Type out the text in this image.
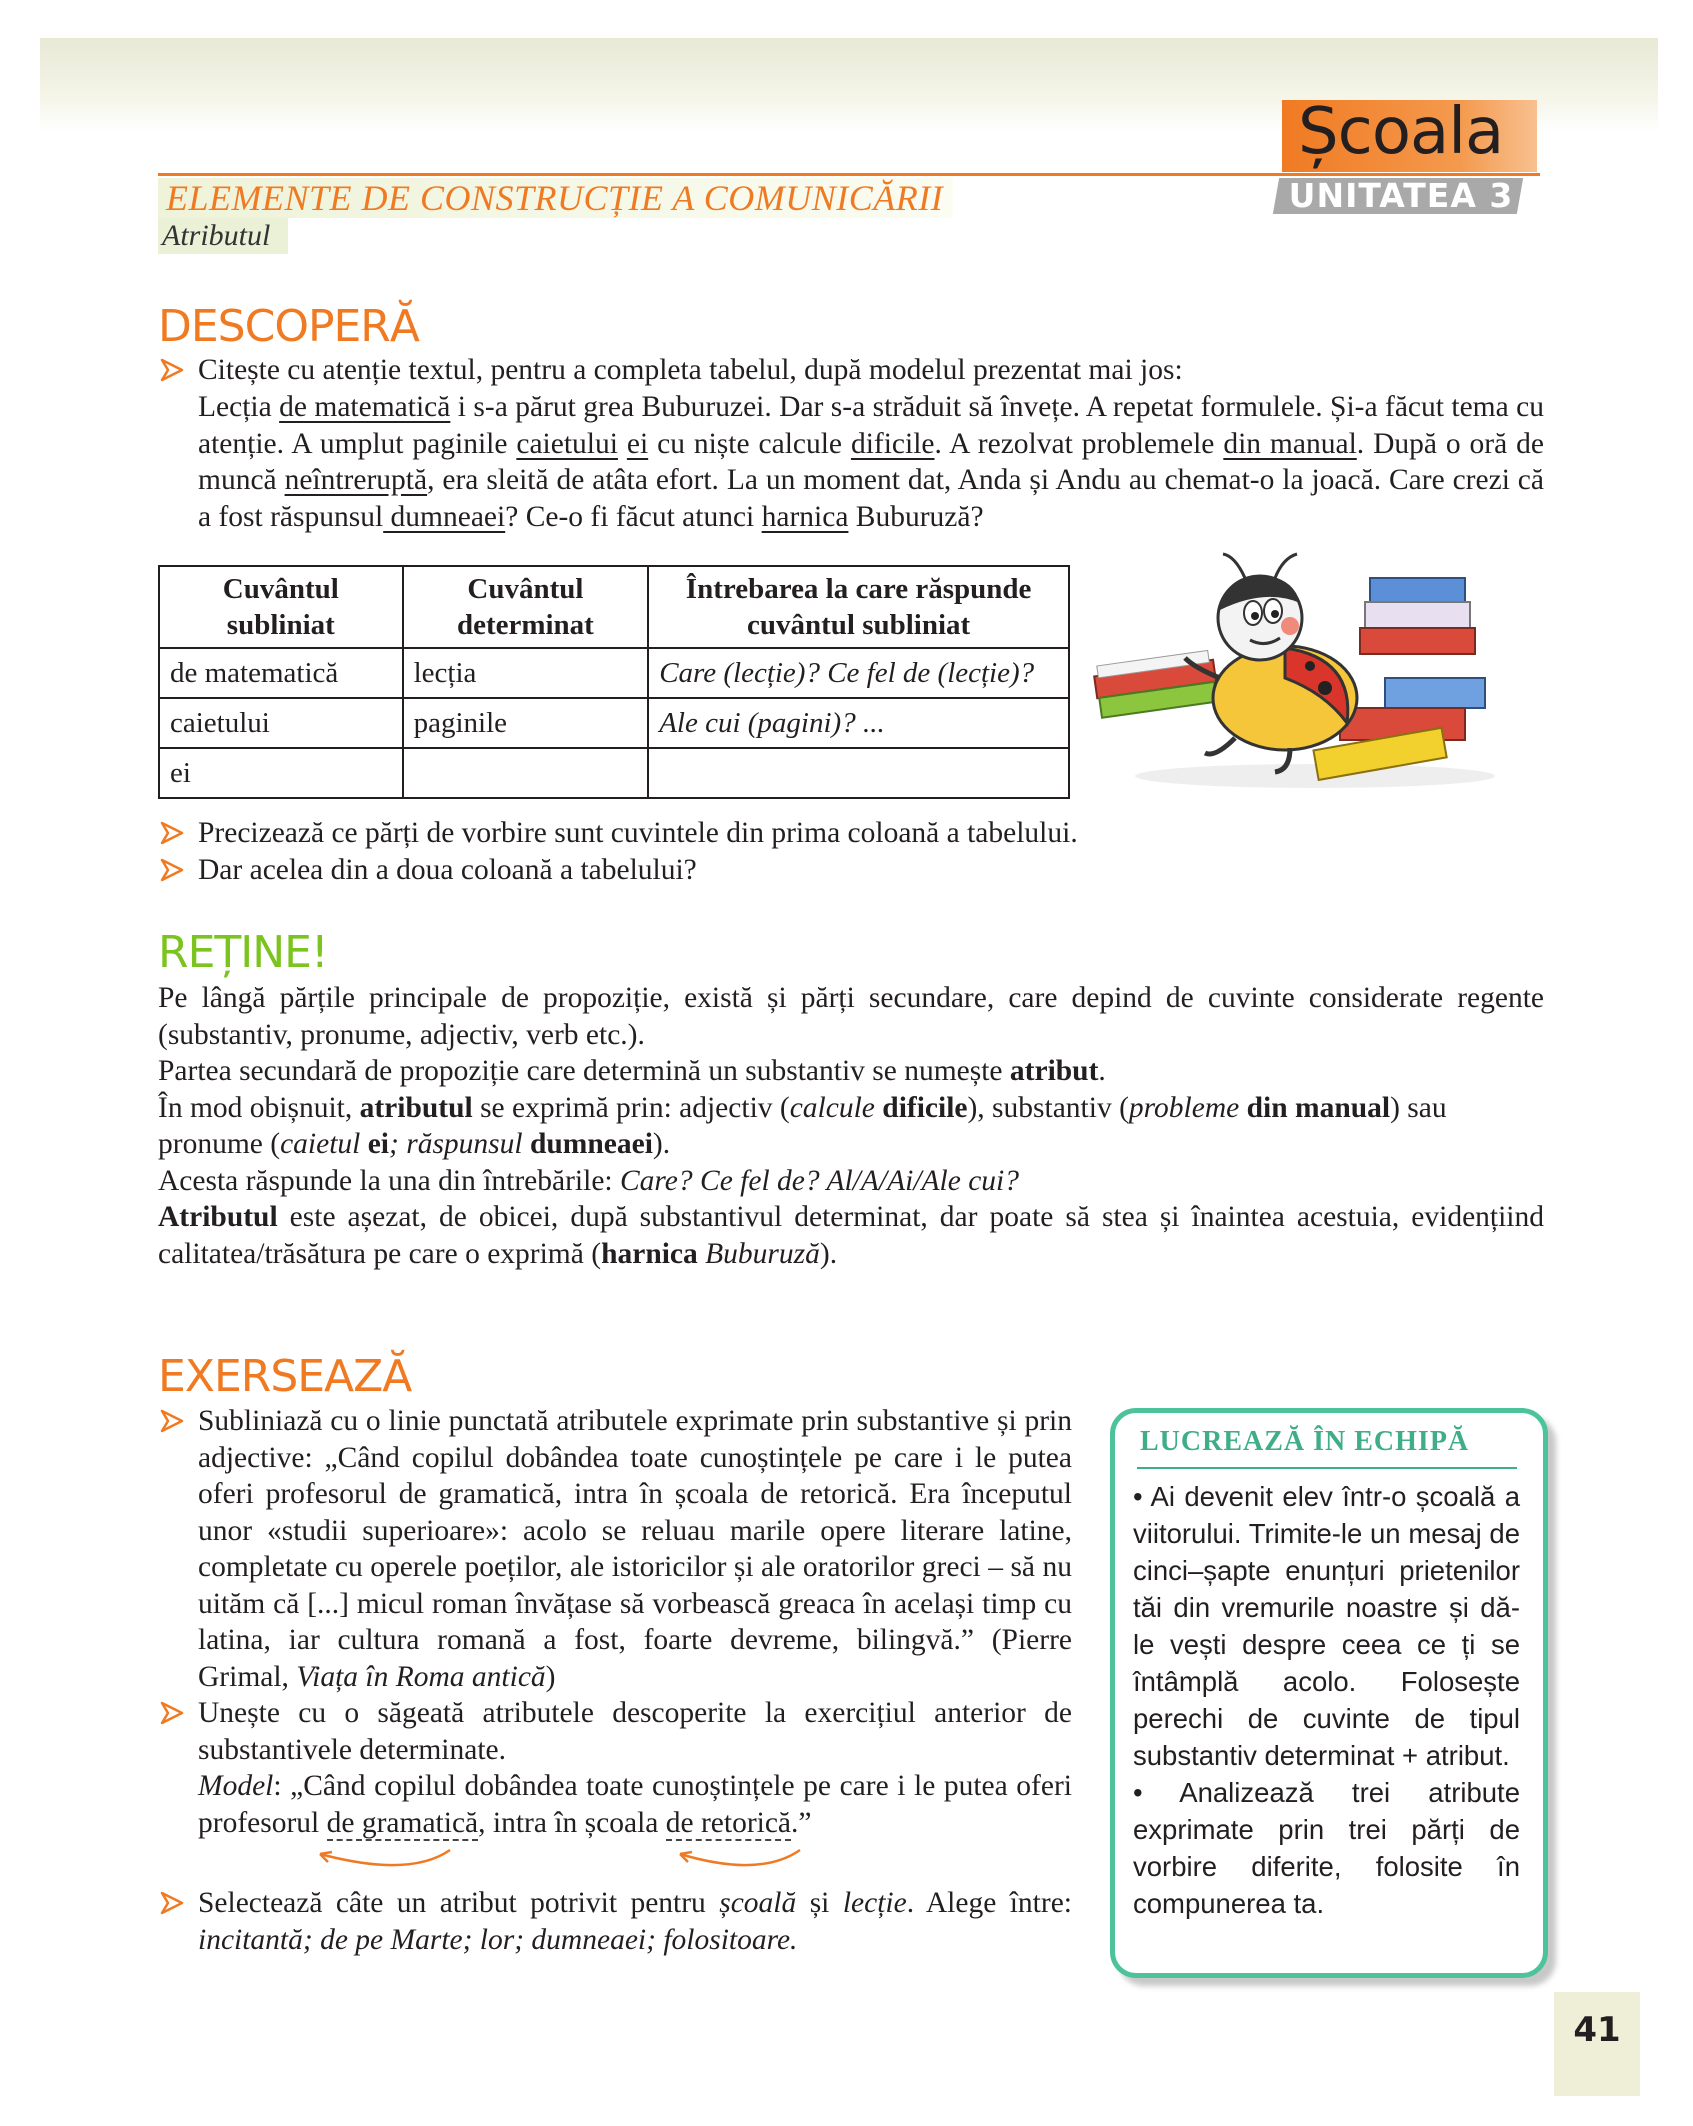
Școala
UNITATEA 3
ELEMENTE DE CONSTRUCȚIE A COMUNICĂRII
Atributul
DESCOPERĂ
Citește cu atenție textul, pentru a completa tabelul, după modelul prezentat mai jos:
Lecția de matematică i s-a părut grea Buburuzei. Dar s-a străduit să învețe. A repetat formulele. Și-a făcut tema cu atenție. A umplut paginile caietului ei cu niște calcule dificile. A rezolvat problemele din manual. După o oră de muncă neîntreruptă, era sleită de atâta efort. La un moment dat, Anda și Andu au chemat-o la joacă. Care crezi că a fost răspunsul dumneaei? Ce-o fi făcut atunci harnica Buburuză?
Cuvântul subliniat	Cuvântul determinat	Întrebarea la care răspunde cuvântul subliniat
de matematică	lecția	Care (lecție)? Ce fel de (lecție)?
caietului	paginile	Ale cui (pagini)? ...
ei		
Precizează ce părți de vorbire sunt cuvintele din prima coloană a tabelului.
Dar acelea din a doua coloană a tabelului?
REȚINE!
Pe lângă părțile principale de propoziție, există și părți secundare, care depind de cuvinte considerate regente (substantiv, pronume, adjectiv, verb etc.).
Partea secundară de propoziție care determină un substantiv se numește atribut.
În mod obișnuit, atributul se exprimă prin: adjectiv (calcule dificile), substantiv (probleme din manual) sau pronume (caietul ei; răspunsul dumneaei).
Acesta răspunde la una din întrebările: Care? Ce fel de? Al/A/Ai/Ale cui?
Atributul este așezat, de obicei, după substantivul determinat, dar poate să stea și înaintea acestuia, evidențiind calitatea/trăsătura pe care o exprimă (harnica Buburuză).
EXERSEAZĂ
Subliniază cu o linie punctată atributele exprimate prin substantive și prin adjective: „Când copilul dobândea toate cunoștințele pe care i le putea oferi profesorul de gramatică, intra în școala de retorică. Era începutul unor «studii superioare»: acolo se reluau marile opere literare latine, completate cu operele poeților, ale istoricilor și ale oratorilor greci – să nu uităm că [...] micul roman învățase să vorbească greaca în același timp cu latina, iar cultura romană a fost, foarte devreme, bilingvă.” (Pierre Grimal, Viața în Roma antică)
Unește cu o săgeată atributele descoperite la exercițiul anterior de substantivele determinate.
Model: „Când copilul dobândea toate cunoștințele pe care i le putea oferi profesorul de gramatică, intra în școala de retorică.”
Selectează câte un atribut potrivit pentru școală și lecție. Alege între: incitantă; de pe Marte; lor; dumneaei; folositoare.
LUCREAZĂ ÎN ECHIPĂ
• Ai devenit elev într-o școală a viitorului. Trimite-le un mesaj de cinci–șapte enunțuri prietenilor tăi din vremurile noastre și dă-le vești despre ceea ce ți se întâmplă acolo. Folosește perechi de cuvinte de tipul substantiv determinat + atribut.
• Analizează trei atribute exprimate prin trei părți de vorbire diferite, folosite în compunerea ta.
41
